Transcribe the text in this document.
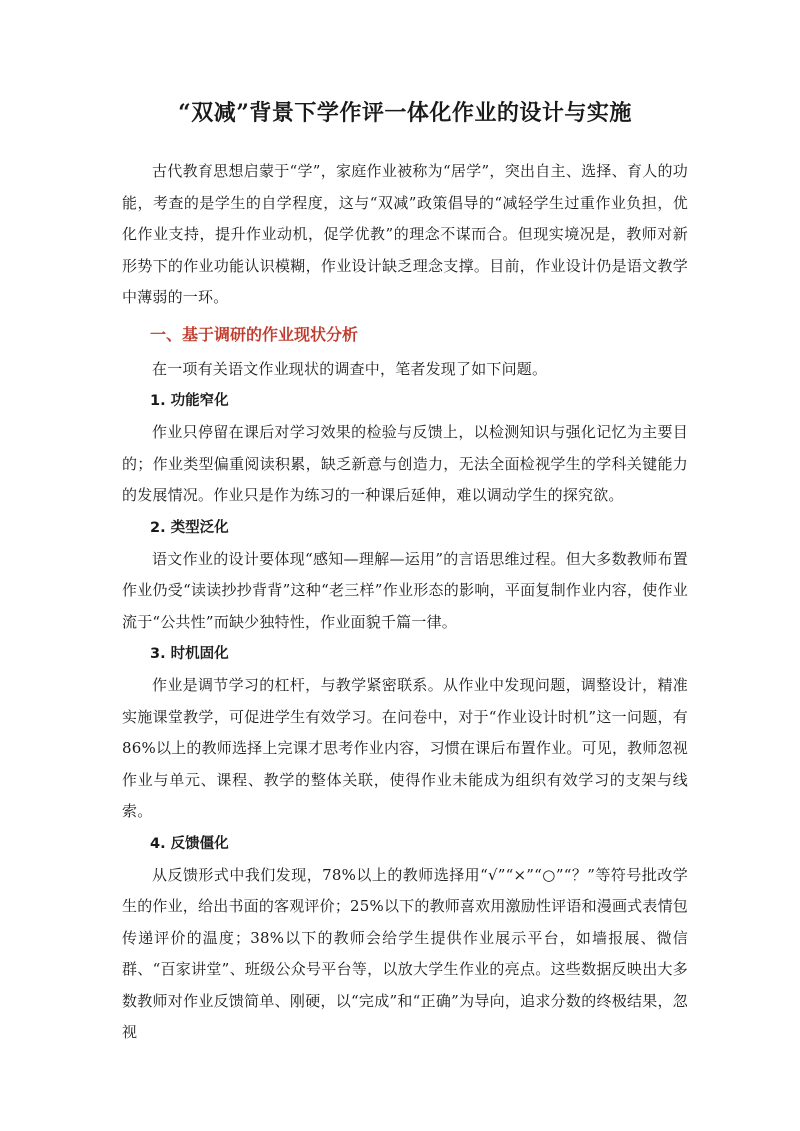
“双减”背景下学作评一体化作业的设计与实施

古代教育思想启蒙于“学”，家庭作业被称为“居学”，突出自主、选择、育人的功能，考查的是学生的自学程度，这与“双减”政策倡导的“减轻学生过重作业负担，优化作业支持，提升作业动机，促学优教”的理念不谋而合。但现实境况是，教师对新形势下的作业功能认识模糊，作业设计缺乏理念支撑。目前，作业设计仍是语文教学中薄弱的一环。

一、基于调研的作业现状分析

在一项有关语文作业现状的调查中，笔者发现了如下问题。

1. 功能窄化

作业只停留在课后对学习效果的检验与反馈上，以检测知识与强化记忆为主要目的；作业类型偏重阅读积累，缺乏新意与创造力，无法全面检视学生的学科关键能力的发展情况。作业只是作为练习的一种课后延伸，难以调动学生的探究欲。

2. 类型泛化

语文作业的设计要体现“感知—理解—运用”的言语思维过程。但大多数教师布置作业仍受“读读抄抄背背”这种“老三样”作业形态的影响，平面复制作业内容，使作业流于“公共性”而缺少独特性，作业面貌千篇一律。

3. 时机固化

作业是调节学习的杠杆，与教学紧密联系。从作业中发现问题，调整设计，精准实施课堂教学，可促进学生有效学习。在问卷中，对于“作业设计时机”这一问题，有86%以上的教师选择上完课才思考作业内容，习惯在课后布置作业。可见，教师忽视作业与单元、课程、教学的整体关联，使得作业未能成为组织有效学习的支架与线索。

4. 反馈僵化

从反馈形式中我们发现，78%以上的教师选择用“√”“×”“○”“？”等符号批改学生的作业，给出书面的客观评价；25%以下的教师喜欢用激励性评语和漫画式表情包传递评价的温度；38%以下的教师会给学生提供作业展示平台，如墙报展、微信群、“百家讲堂”、班级公众号平台等，以放大学生作业的亮点。这些数据反映出大多数教师对作业反馈简单、刚硬，以“完成”和“正确”为导向，追求分数的终极结果，忽视
